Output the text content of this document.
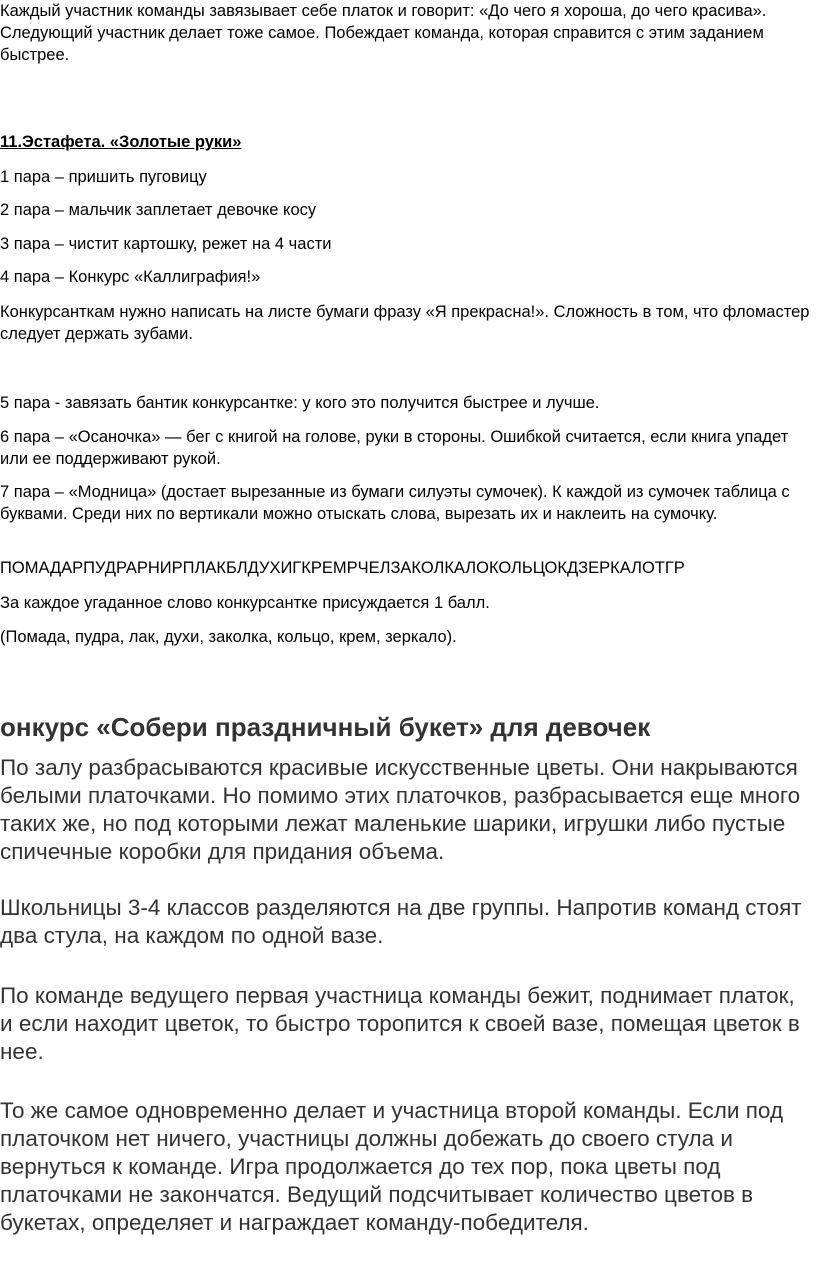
Каждый участник команды завязывает себе платок и говорит: «До чего я хороша, до чего красива». Следующий участник делает тоже самое. Побеждает команда, которая справится с этим заданием быстрее.

11.Эстафета. «Золотые руки»

1 пара – пришить пуговицу

2 пара – мальчик заплетает девочке косу

3 пара – чистит картошку, режет на 4 части

4 пара – Конкурс «Каллиграфия!»

Конкурсанткам нужно написать на листе бумаги фразу «Я прекрасна!». Сложность в том, что фломастер следует держать зубами.

5 пара - завязать бантик конкурсантке: у кого это получится быстрее и лучше.

6 пара – «Осаночка» — бег с книгой на голове, руки в стороны. Ошибкой считается, если книга упадет или ее поддерживают рукой.

7 пара – «Модница» (достает вырезанные из бумаги силуэты сумочек). К каждой из сумочек таблица с буквами. Среди них по вертикали можно отыскать слова, вырезать их и наклеить на сумочку.

ПОМАДАРПУДРАРНИРПЛАКБЛДУХИГКРЕМРЧЕЛЗАКОЛКАЛОКОЛЬЦОКДЗЕРКАЛОТГР

За каждое угаданное слово конкурсантке присуждается 1 балл.

(Помада, пудра, лак, духи, заколка, кольцо, крем, зеркало).

онкурс «Собери праздничный букет» для девочек

По залу разбрасываются красивые искусственные цветы. Они накрываются белыми платочками. Но помимо этих платочков, разбрасывается еще много таких же, но под которыми лежат маленькие шарики, игрушки либо пустые спичечные коробки для придания объема.

Школьницы 3-4 классов разделяются на две группы. Напротив команд стоят два стула, на каждом по одной вазе.

По команде ведущего первая участница команды бежит, поднимает платок, и если находит цветок, то быстро торопится к своей вазе, помещая цветок в нее.

То же самое одновременно делает и участница второй команды. Если под платочком нет ничего, участницы должны добежать до своего стула и вернуться к команде. Игра продолжается до тех пор, пока цветы под платочками не закончатся. Ведущий подсчитывает количество цветов в букетах, определяет и награждает команду-победителя.
